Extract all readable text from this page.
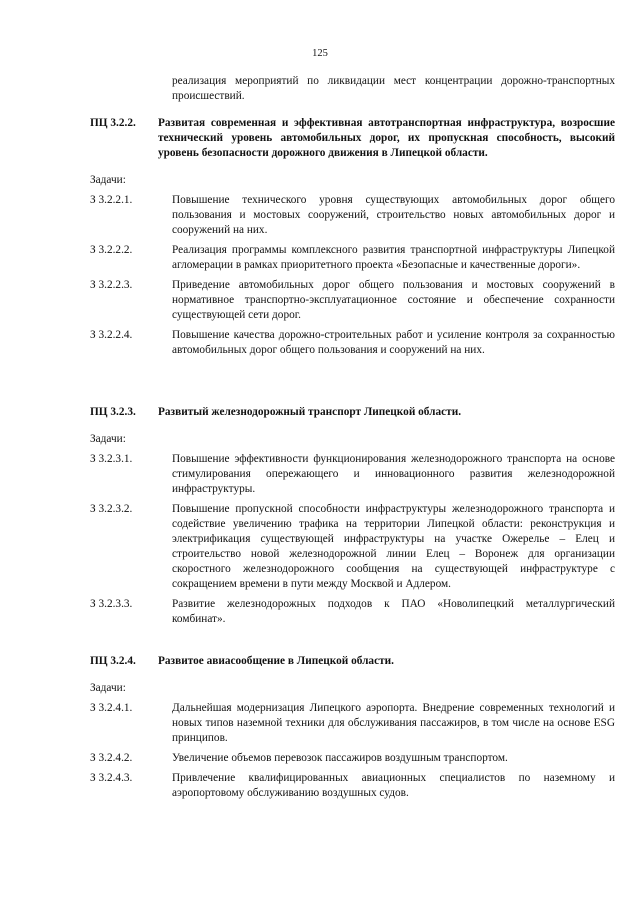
125
реализация мероприятий по ликвидации мест концентрации дорожно-транспортных происшествий.
ПЦ 3.2.2.	Развитая современная и эффективная автотранспортная инфраструктура, возросшие технический уровень автомобильных дорог, их пропускная способность, высокий уровень безопасности дорожного движения в Липецкой области.
Задачи:
З 3.2.2.1.	Повышение технического уровня существующих автомобильных дорог общего пользования и мостовых сооружений, строительство новых автомобильных дорог и сооружений на них.
З 3.2.2.2.	Реализация программы комплексного развития транспортной инфраструктуры Липецкой агломерации в рамках приоритетного проекта «Безопасные и качественные дороги».
З 3.2.2.3.	Приведение автомобильных дорог общего пользования и мостовых сооружений в нормативное транспортно-эксплуатационное состояние и обеспечение сохранности существующей сети дорог.
З 3.2.2.4.	Повышение качества дорожно-строительных работ и усиление контроля за сохранностью автомобильных дорог общего пользования и сооружений на них.
ПЦ 3.2.3.	Развитый железнодорожный транспорт Липецкой области.
Задачи:
З 3.2.3.1.	Повышение эффективности функционирования железнодорожного транспорта на основе стимулирования опережающего и инновационного развития железнодорожной инфраструктуры.
З 3.2.3.2.	Повышение пропускной способности инфраструктуры железнодорожного транспорта и содействие увеличению трафика на территории Липецкой области: реконструкция и электрификация существующей инфраструктуры на участке Ожерелье – Елец и строительство новой железнодорожной линии Елец – Воронеж для организации скоростного железнодорожного сообщения на существующей инфраструктуре с сокращением времени в пути между Москвой и Адлером.
З 3.2.3.3.	Развитие железнодорожных подходов к ПАО «Новолипецкий металлургический комбинат».
ПЦ 3.2.4.	Развитое авиасообщение в Липецкой области.
Задачи:
З 3.2.4.1.	Дальнейшая модернизация Липецкого аэропорта. Внедрение современных технологий и новых типов наземной техники для обслуживания пассажиров, в том числе на основе ESG принципов.
З 3.2.4.2.	Увеличение объемов перевозок пассажиров воздушным транспортом.
З 3.2.4.3.	Привлечение квалифицированных авиационных специалистов по наземному и аэропортовому обслуживанию воздушных судов.
